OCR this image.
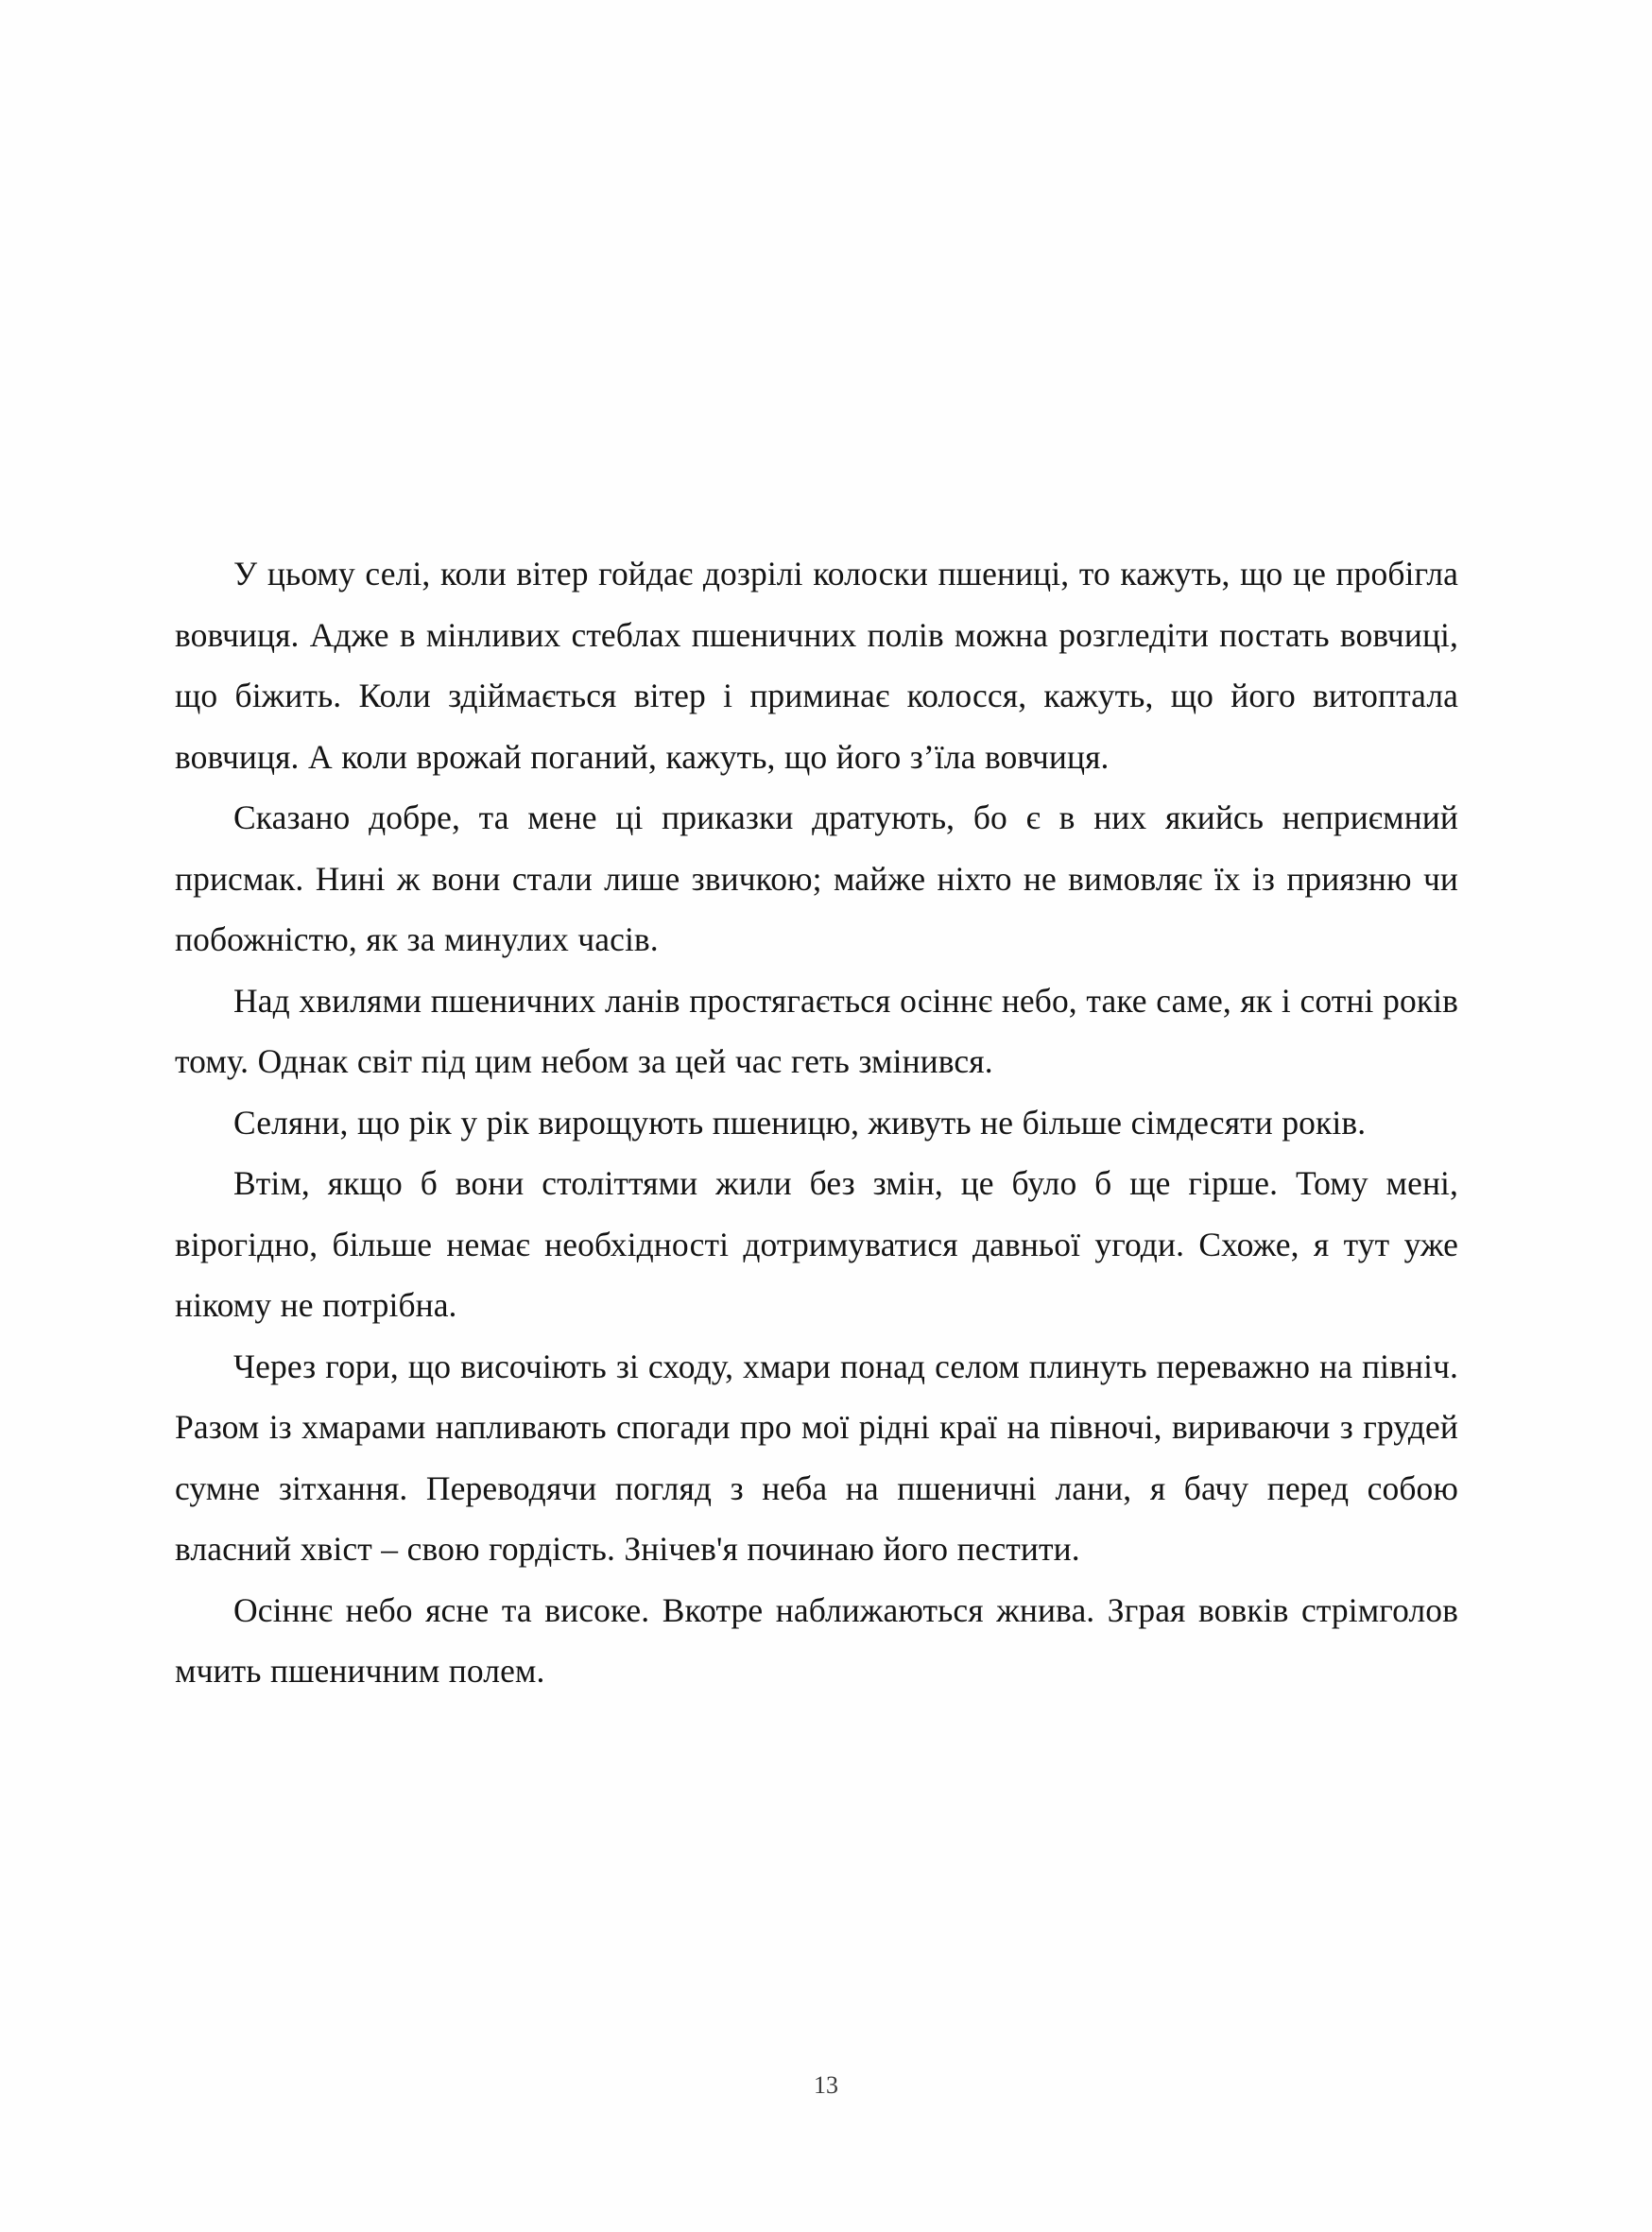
У цьому селі, коли вітер гойдає дозрілі колоски пшениці, то кажуть, що це пробігла вовчиця. Адже в мінливих стеблах пшеничних полів можна розгледіти постать вовчиці, що біжить. Коли здіймається вітер і приминає колосся, кажуть, що його витоптала вовчиця. А коли врожай поганий, кажуть, що його з’їла вовчиця.

Сказано добре, та мене ці приказки дратують, бо є в них якийсь неприємний присмак. Нині ж вони стали лише звичкою; майже ніхто не вимовляє їх із приязню чи побожністю, як за минулих часів.

Над хвилями пшеничних ланів простягається осіннє небо, таке саме, як і сотні років тому. Однак світ під цим небом за цей час геть змінився.

Селяни, що рік у рік вирощують пшеницю, живуть не більше сімдесяти років.

Втім, якщо б вони століттями жили без змін, це було б ще гірше. Тому мені, вірогідно, більше немає необхідності дотримуватися давньої угоди. Схоже, я тут уже нікому не потрібна.

Через гори, що височіють зі сходу, хмари понад селом плинуть переважно на північ. Разом із хмарами напливають спогади про мої рідні краї на півночі, вириваючи з грудей сумне зітхання. Переводячи погляд з неба на пшеничні лани, я бачу перед собою власний хвіст – свою гордість. Знічев'я починаю його пестити.

Осіннє небо ясне та високе. Вкотре наближаються жнива. Зграя вовків стрімголов мчить пшеничним полем.

13
